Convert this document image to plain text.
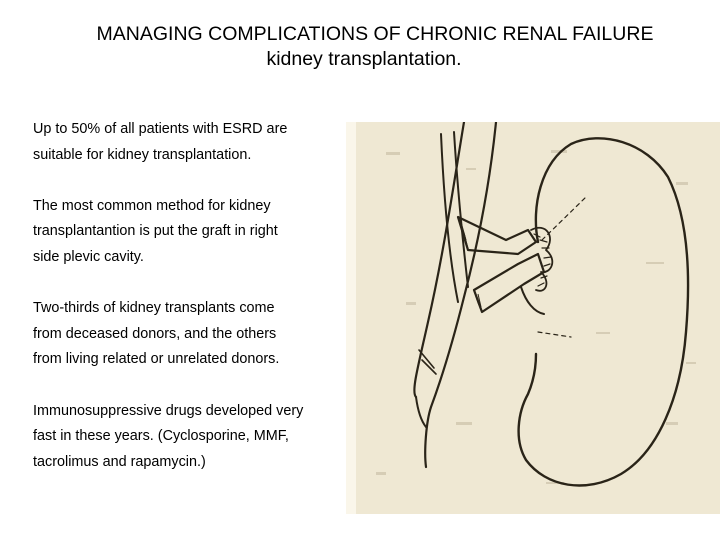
MANAGING COMPLICATIONS OF CHRONIC RENAL FAILURE
kidney transplantation.

Up to 50% of all patients with ESRD are
suitable for kidney transplantation.

The most common method for kidney
transplantantion is put the graft in right
side plevic cavity.

Two-thirds of kidney transplants come
from deceased donors, and the others
from living related or unrelated donors.

Immunosuppressive drugs developed very
fast in these years. (Cyclosporine, MMF,
tacrolimus and rapamycin.)
